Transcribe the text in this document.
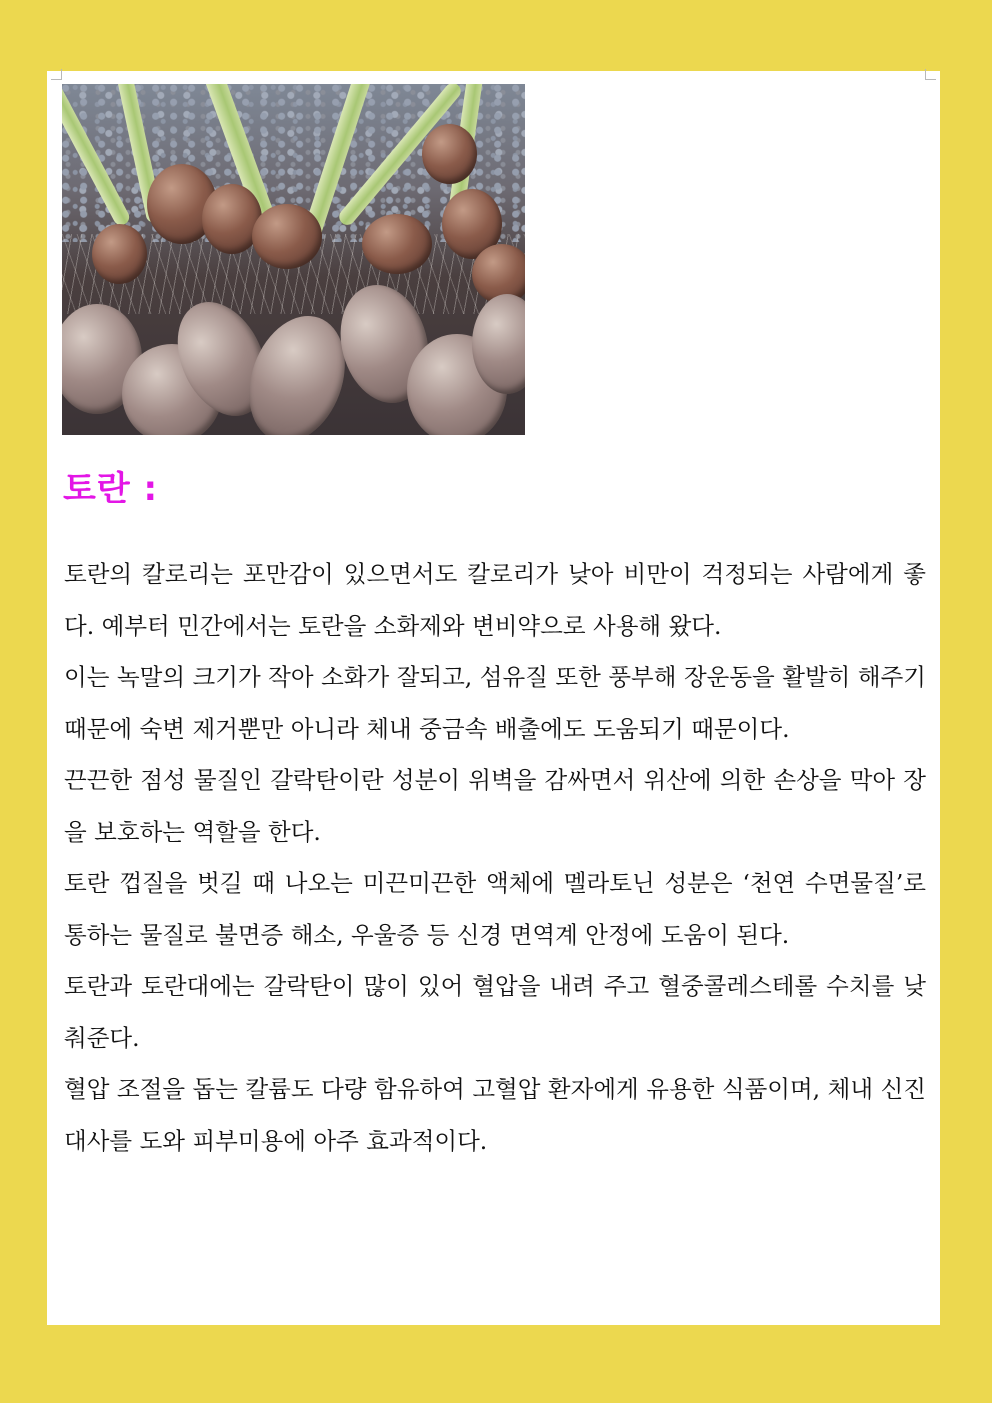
토란 :

토란의 칼로리는 포만감이 있으면서도 칼로리가 낮아 비만이 걱정되는 사람에게 좋다. 예부터 민간에서는 토란을 소화제와 변비약으로 사용해 왔다.

이는 녹말의 크기가 작아 소화가 잘되고, 섬유질 또한 풍부해 장운동을 활발히 해주기 때문에 숙변 제거뿐만 아니라 체내 중금속 배출에도 도움되기 때문이다.

끈끈한 점성 물질인 갈락탄이란 성분이 위벽을 감싸면서 위산에 의한 손상을 막아 장을 보호하는 역할을 한다.

토란 껍질을 벗길 때 나오는 미끈미끈한 액체에 멜라토닌 성분은 ‘천연 수면물질’로 통하는 물질로 불면증 해소, 우울증 등 신경 면역계 안정에 도움이 된다.

토란과 토란대에는 갈락탄이 많이 있어 혈압을 내려 주고 혈중콜레스테롤 수치를 낮춰준다.

혈압 조절을 돕는 칼륨도 다량 함유하여 고혈압 환자에게 유용한 식품이며, 체내 신진대사를 도와 피부미용에 아주 효과적이다.
